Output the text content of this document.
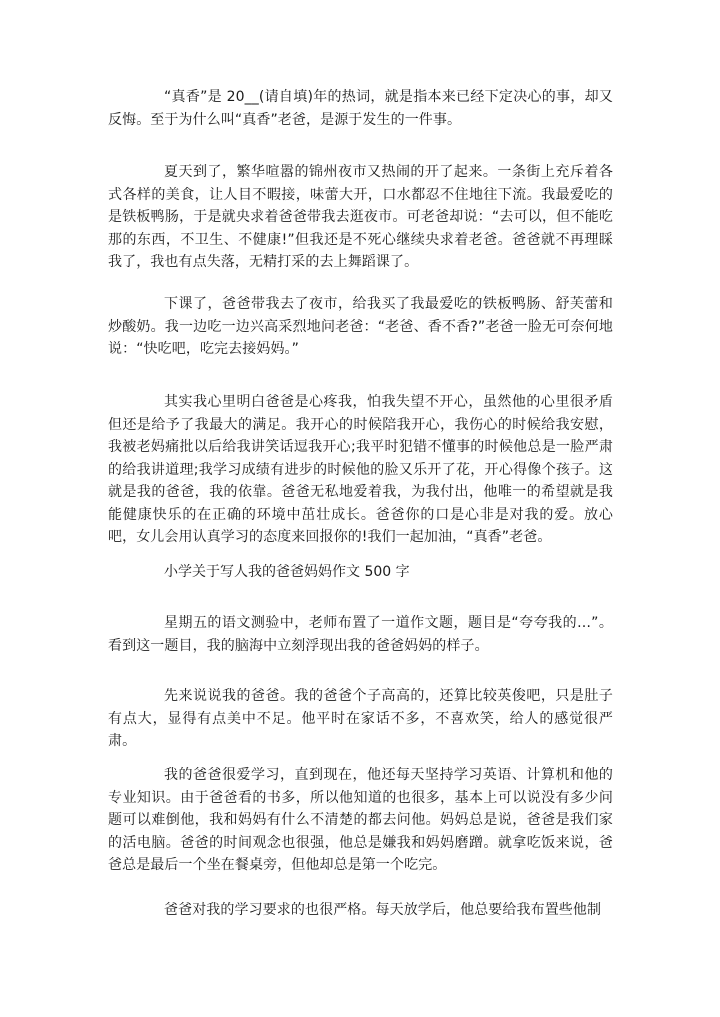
“真香”是 20__(请自填)年的热词，就是指本来已经下定决心的事，却又反悔。至于为什么叫“真香”老爸，是源于发生的一件事。

夏天到了，繁华喧嚣的锦州夜市又热闹的开了起来。一条街上充斥着各式各样的美食，让人目不暇接，味蕾大开，口水都忍不住地往下流。我最爱吃的是铁板鸭肠，于是就央求着爸爸带我去逛夜市。可老爸却说：“去可以，但不能吃那的东西，不卫生、不健康!”但我还是不死心继续央求着老爸。爸爸就不再理睬我了，我也有点失落，无精打采的去上舞蹈课了。

下课了，爸爸带我去了夜市，给我买了我最爱吃的铁板鸭肠、舒芙蕾和炒酸奶。我一边吃一边兴高采烈地问老爸：“老爸、香不香?”老爸一脸无可奈何地说：“快吃吧，吃完去接妈妈。”

其实我心里明白爸爸是心疼我，怕我失望不开心，虽然他的心里很矛盾但还是给予了我最大的满足。我开心的时候陪我开心，我伤心的时候给我安慰，我被老妈痛批以后给我讲笑话逗我开心;我平时犯错不懂事的时候他总是一脸严肃的给我讲道理;我学习成绩有进步的时候他的脸又乐开了花，开心得像个孩子。这就是我的爸爸，我的依靠。爸爸无私地爱着我，为我付出，他唯一的希望就是我能健康快乐的在正确的环境中茁壮成长。爸爸你的口是心非是对我的爱。放心吧，女儿会用认真学习的态度来回报你的!我们一起加油，“真香”老爸。

小学关于写人我的爸爸妈妈作文 500 字

星期五的语文测验中，老师布置了一道作文题，题目是“夸夸我的…”。看到这一题目，我的脑海中立刻浮现出我的爸爸妈妈的样子。

先来说说我的爸爸。我的爸爸个子高高的，还算比较英俊吧，只是肚子有点大，显得有点美中不足。他平时在家话不多，不喜欢笑，给人的感觉很严肃。

我的爸爸很爱学习，直到现在，他还每天坚持学习英语、计算机和他的专业知识。由于爸爸看的书多，所以他知道的也很多，基本上可以说没有多少问题可以难倒他，我和妈妈有什么不清楚的都去问他。妈妈总是说，爸爸是我们家的活电脑。爸爸的时间观念也很强，他总是嫌我和妈妈磨蹭。就拿吃饭来说，爸爸总是最后一个坐在餐桌旁，但他却总是第一个吃完。

爸爸对我的学习要求的也很严格。每天放学后，他总要给我布置些他制
